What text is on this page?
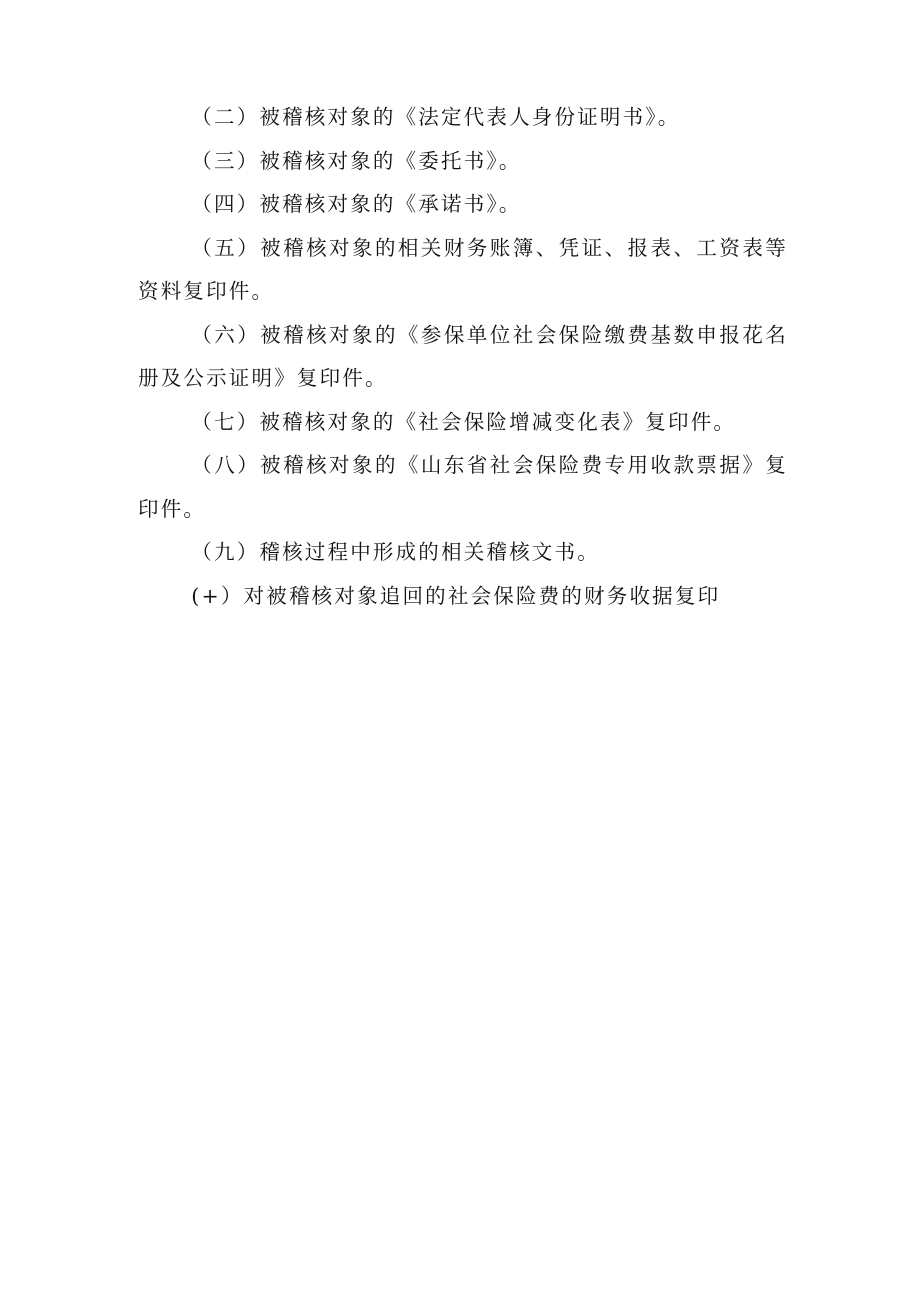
（二）被稽核对象的《法定代表人身份证明书》。

（三）被稽核对象的《委托书》。

（四）被稽核对象的《承诺书》。

（五）被稽核对象的相关财务账簿、凭证、报表、工资表等资料复印件。

（六）被稽核对象的《参保单位社会保险缴费基数申报花名册及公示证明》复印件。

（七）被稽核对象的《社会保险增减变化表》复印件。

（八）被稽核对象的《山东省社会保险费专用收款票据》复印件。

（九）稽核过程中形成的相关稽核文书。

(+）对被稽核对象追回的社会保险费的财务收据复印
